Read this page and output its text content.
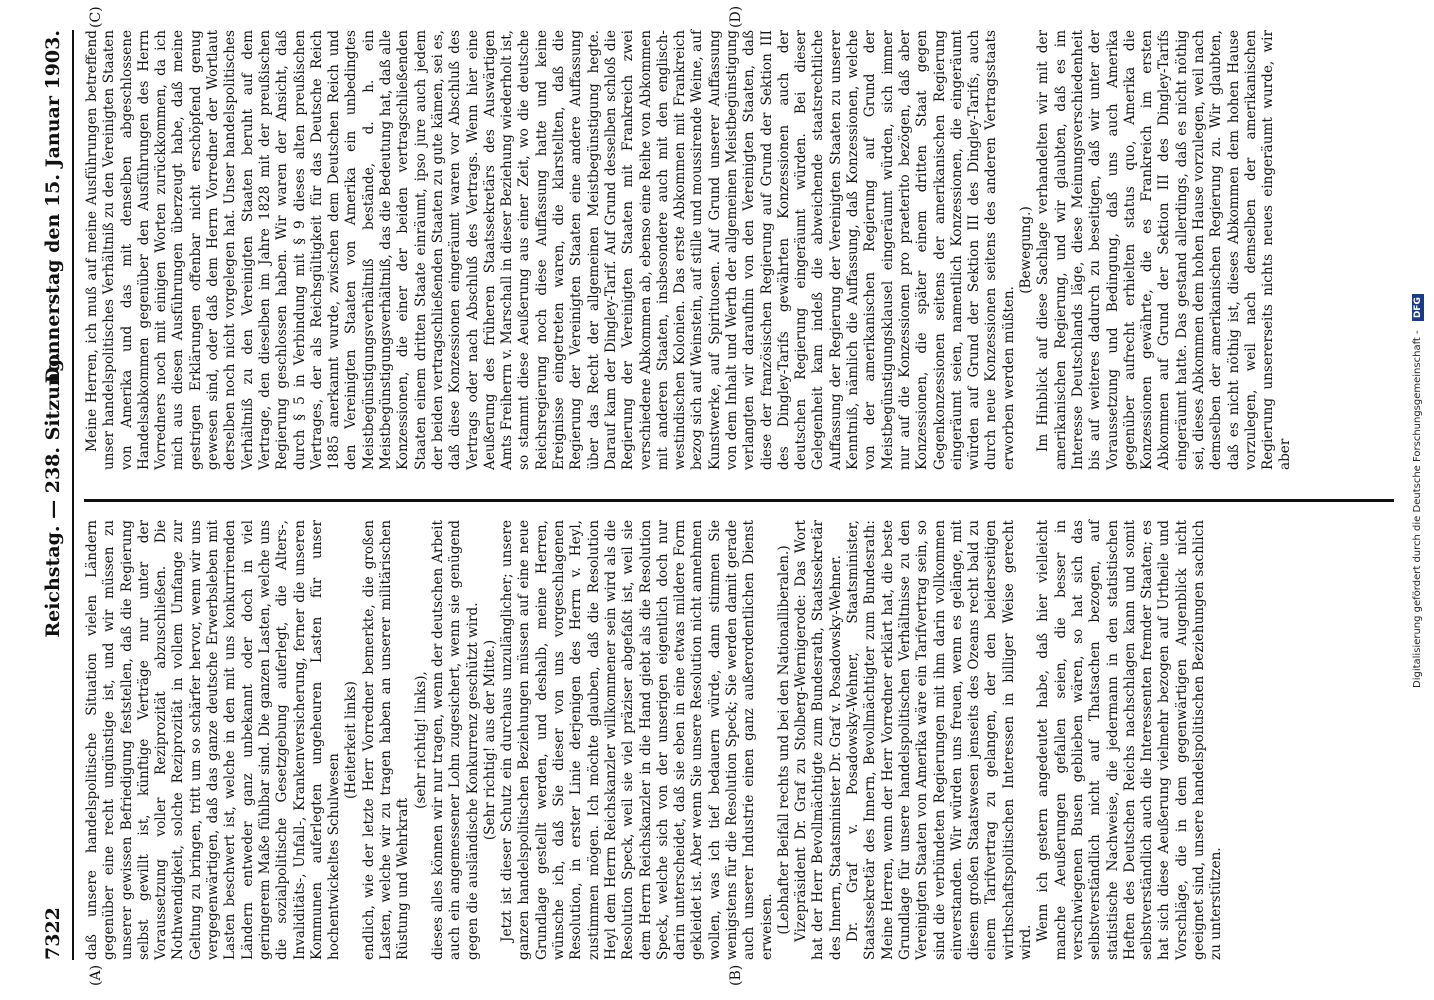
7322
Reichstag. — 238. Sitzung.
Donnerstag den 15. Januar 1903.
(A)	(B)
(C)	(D)

daß unsere handelspolitische Situation vielen Ländern gegenüber eine recht ungünstige ist, und wir müssen zu unserer gewissen Befriedigung feststellen, daß die Regierung selbst gewillt ist, künftige Verträge nur unter der Voraussetzung voller Reziprozität abzuschließen. Die Nothwendigkeit, solche Reziprozität in vollem Umfange zur Geltung zu bringen, tritt um so schärfer hervor, wenn wir uns vergegenwärtigen, daß das ganze deutsche Erwerbsleben mit Lasten beschwert ist, welche in den mit uns konkurrirenden Ländern entweder ganz unbekannt oder doch in viel geringerem Maße fühlbar sind. Die ganzen Lasten, welche uns die sozialpolitische Gesetzgebung auferlegt, die Alters-, Invaliditäts-, Unfall-, Krankenversicherung, ferner die unseren Kommunen auferlegten ungeheuren Lasten für unser hochentwickeltes Schulwesen

(Heiterkeit links) endlich, wie der letzte Herr Vorredner bemerkte, die großen Lasten, welche wir zu tragen haben an unserer militärischen Rüstung und Wehrkraft

(sehr richtig! links), dieses alles können wir nur tragen, wenn der deutschen Arbeit auch ein angemessener Lohn zugesichert, wenn sie genügend gegen die ausländische Konkurrenz geschützt wird. (Sehr richtig! aus der Mitte.) Jetzt ist dieser Schutz ein durchaus unzulänglicher; unsere ganzen handelspolitischen Beziehungen müssen auf eine neue Grundlage gestellt werden, und deshalb, meine Herren, wünsche ich, daß Sie dieser von uns vorgeschlagenen Resolution, in erster Linie derjenigen des Herrn v. Heyl, zustimmen mögen. Ich möchte glauben, daß die Resolution Heyl dem Herrn Reichskanzler willkommener sein wird als die Resolution Speck, weil sie viel präziser abgefaßt ist, weil sie dem Herrn Reichskanzler in die Hand giebt als die Resolution Speck, welche sich von der unserigen eigentlich doch nur darin unterscheidet, daß sie eben in eine etwas mildere Form gekleidet ist. Aber wenn Sie unsere Resolution nicht annehmen wollen, was ich tief bedauern würde, dann stimmen Sie wenigstens für die Resolution Speck; Sie werden damit gerade auch unserer Industrie einen ganz außerordentlichen Dienst erweisen. (Lebhafter Beifall rechts und bei den Nationalliberalen.) Vizepräsident Dr. Graf zu Stolberg-Wernigerode: Das Wort hat der Herr Bevollmächtigte zum Bundesrath, Staatssekretär des Innern, Staatsminister Dr. Graf v. Posadowsky-Wehner. Dr. Graf v. Posadowsky-Wehner, Staatsminister, Staatssekretär des Innern, Bevollmächtigter zum Bundesrath: Meine Herren, wenn der Herr Vorredner erklärt hat, die beste Grundlage für unsere handelspolitischen Verhältnisse zu den Vereinigten Staaten von Amerika wäre ein Tarifvertrag sein, so sind die verbündeten Regierungen mit ihm darin vollkommen einverstanden. Wir würden uns freuen, wenn es gelänge, mit diesem großen Staatswesen jenseits des Ozeans recht bald zu einem Tarifvertrag zu gelangen, der den beiderseitigen wirthschaftspolitischen Interessen in billiger Weise gerecht wird.

Wenn ich gestern angedeutet habe, daß hier vielleicht manche Aeußerungen gefallen seien, die besser in verschwiegenen Busen geblieben wären, so hat sich das selbstverständlich nicht auf Thatsachen bezogen, auf statistische Nachweise, die jedermann in den statistischen Heften des Deutschen Reichs nachschlagen kann und somit selbstverständlich auch die Interessenten fremder Staaten; es hat sich diese Aeußerung vielmehr bezogen auf Urtheile und Vorschläge, die in dem gegenwärtigen Augenblick nicht geeignet sind, unsere handelspolitischen Beziehungen sachlich zu unterstützen.

Meine Herren, ich muß auf meine Ausführungen betreffend unser handelspolitisches Verhältniß zu den Vereinigten Staaten von Amerika und das mit denselben abgeschlossene Handelsabkommen gegenüber den Ausführungen des Herrn Vorredners noch mit einigen Worten zurückkommen, da ich mich aus diesen Ausführungen überzeugt habe, daß meine gestrigen Erklärungen offenbar nicht erschöpfend genug gewesen sind, oder daß dem Herrn Vorredner der Wortlaut derselben noch nicht vorgelegen hat. Unser handelspolitisches Verhältniß zu den Vereinigten Staaten beruht auf dem Vertrage, den dieselben im Jahre 1828 mit der preußischen Regierung geschlossen haben. Wir waren der Ansicht, daß durch § 5 in Verbindung mit § 9 dieses alten preußischen Vertrages, der als Reichsgültigkeit für das Deutsche Reich 1885 anerkannt wurde, zwischen dem Deutschen Reich und den Vereinigten Staaten von Amerika ein unbedingtes Meistbegünstigungsverhältniß bestände, d. h. ein Meistbegünstigungsverhältniß, das die Bedeutung hat, daß alle Konzessionen, die einer der beiden vertragschließenden Staaten einem dritten Staate einräumt, ipso jure auch jedem der beiden vertragschließenden Staaten zu gute kämen, sei es, daß diese Konzessionen eingeräumt waren vor Abschluß des Vertrags oder nach Abschluß des Vertrags. Wenn hier eine Aeußerung des früheren Staatssekretärs des Auswärtigen Amts Freiherrn v. Marschall in dieser Beziehung wiederholt ist, so stammt diese Aeußerung aus einer Zeit, wo die deutsche Reichsregierung noch diese Auffassung hatte und keine Ereignisse eingetreten waren, die klarstellten, daß die Regierung der Vereinigten Staaten eine andere Auffassung über das Recht der allgemeinen Meistbegünstigung hegte. Darauf kam der Dingley-Tarif. Auf Grund desselben schloß die Regierung der Vereinigten Staaten mit Frankreich zwei verschiedene Abkommen ab, ebenso eine Reihe von Abkommen mit anderen Staaten, insbesondere auch mit den englisch-westindischen Kolonien. Das erste Abkommen mit Frankreich bezog sich auf Weinstein, auf stille und moussirende Weine, auf Kunstwerke, auf Spirituosen. Auf Grund unserer Auffassung von dem Inhalt und Werth der allgemeinen Meistbegünstigung verlangten wir daraufhin von den Vereinigten Staaten, daß diese der französischen Regierung auf Grund der Sektion III des Dingley-Tarifs gewährten Konzessionen auch der deutschen Regierung eingeräumt würden. Bei dieser Gelegenheit kam indeß die abweichende staatsrechtliche Auffassung der Regierung der Vereinigten Staaten zu unserer Kenntniß, nämlich die Auffassung, daß Konzessionen, welche von der amerikanischen Regierung auf Grund der Meistbegünstigungsklausel eingeräumt würden, sich immer nur auf die Konzessionen pro praeterito bezögen, daß aber Konzessionen, die später einem dritten Staat gegen Gegenkonzessionen seitens der amerikanischen Regierung eingeräumt seien, namentlich Konzessionen, die eingeräumt würden auf Grund der Sektion III des Dingley-Tarifs, auch durch neue Konzessionen seitens des anderen Vertragsstaats erworben werden müßten.

(Bewegung.) Im Hinblick auf diese Sachlage verhandelten wir mit der amerikanischen Regierung, und wir glaubten, daß es im Interesse Deutschlands läge, diese Meinungsverschiedenheit bis auf weiteres dadurch zu beseitigen, daß wir unter der Voraussetzung und Bedingung, daß uns auch Amerika gegenüber aufrecht erhielten status quo, Amerika die Konzessionen gewährte, die es Frankreich im ersten Abkommen auf Grund der Sektion III des Dingley-Tarifs eingeräumt hatte. Das gestand allerdings, daß es nicht nöthig sei, dieses Abkommen dem hohen Hause vorzulegen, weil nach demselben der amerikanischen Regierung zu. Wir glaubten, daß es nicht nöthig ist, dieses Abkommen dem hohen Hause vorzulegen, weil nach demselben der amerikanischen Regierung unsererseits nichts neues eingeräumt wurde, wir aber	Digitalisierung gefördert durch die Deutsche Forschungsgemeinschaft - DFG
